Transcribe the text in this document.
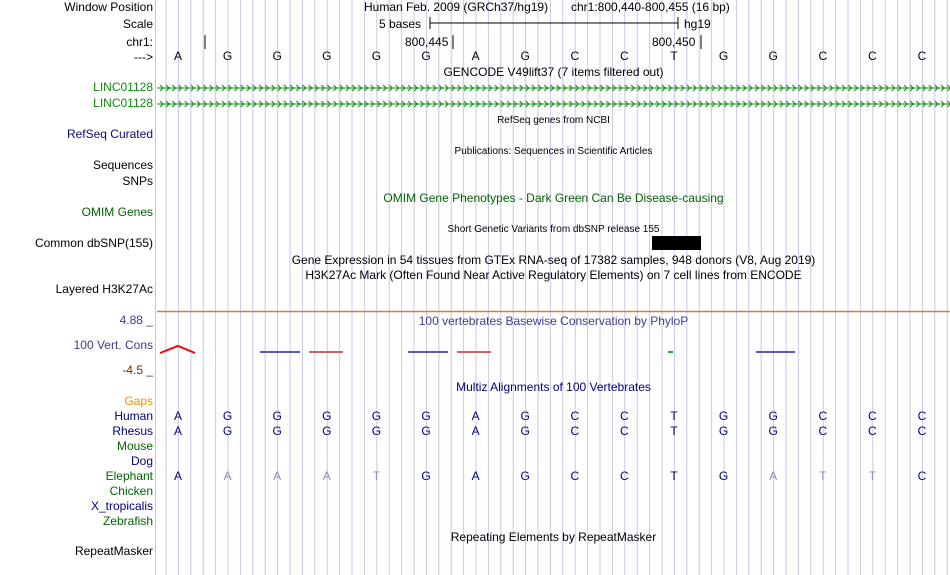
Window Position
Scale
chr1:
--->
Human Feb. 2009 (GRCh37/hg19) chr1:800,440-800,455 (16 bp)
5 bases	hg19
800,445	800,450
A	G	G	G	G	G	A	G	C	C	T	G	G	C	C	C
GENCODE V49lift37 (7 items filtered out)
LINC01128
LINC01128
RefSeq genes from NCBI
RefSeq Curated
Publications: Sequences in Scientific Articles
Sequences
SNPs
OMIM Gene Phenotypes - Dark Green Can Be Disease-causing
OMIM Genes
Short Genetic Variants from dbSNP release 155
Common dbSNP(155)
Gene Expression in 54 tissues from GTEx RNA-seq of 17382 samples, 948 donors (V8, Aug 2019)
H3K27Ac Mark (Often Found Near Active Regulatory Elements) on 7 cell lines from ENCODE
Layered H3K27Ac
100 vertebrates Basewise Conservation by PhyloP
4.88 _
100 Vert. Cons
-4.5 _
Multiz Alignments of 100 Vertebrates
Gaps
Human	A	G	G	G	G	G	A	G	C	C	T	G	G	C	C	C
Rhesus	A	G	G	G	G	G	A	G	C	C	T	G	G	C	C	C
Mouse
Dog
Elephant	A	A	A	A	T	G	A	G	C	C	T	G	A	T	T	C
Chicken
X_tropicalis
Zebrafish
Repeating Elements by RepeatMasker
RepeatMasker
